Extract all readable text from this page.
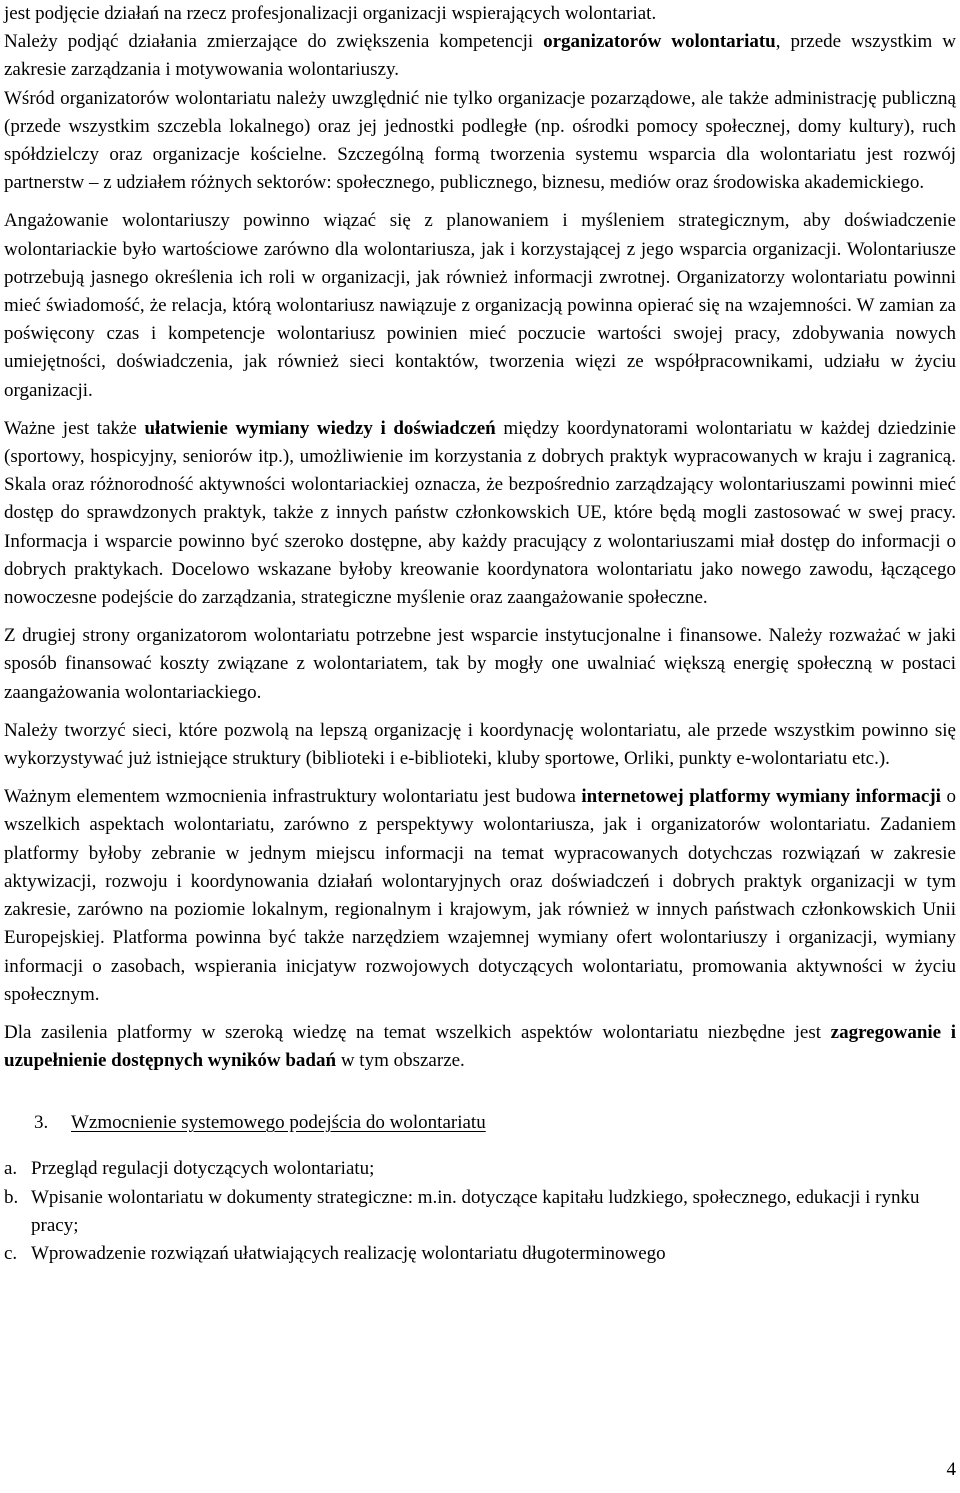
jest podjęcie działań na rzecz profesjonalizacji organizacji wspierających wolontariat.

Należy podjąć działania zmierzające do zwiększenia kompetencji organizatorów wolontariatu, przede wszystkim w zakresie zarządzania i motywowania wolontariuszy.

Wśród organizatorów wolontariatu należy uwzględnić nie tylko organizacje pozarządowe, ale także administrację publiczną (przede wszystkim szczebla lokalnego) oraz jej jednostki podległe (np. ośrodki pomocy społecznej, domy kultury), ruch spółdzielczy oraz organizacje kościelne. Szczególną formą tworzenia systemu wsparcia dla wolontariatu jest rozwój partnerstw – z udziałem różnych sektorów: społecznego, publicznego, biznesu, mediów oraz środowiska akademickiego.

Angażowanie wolontariuszy powinno wiązać się z planowaniem i myśleniem strategicznym, aby doświadczenie wolontariackie było wartościowe zarówno dla wolontariusza, jak i korzystającej z jego wsparcia organizacji. Wolontariusze potrzebują jasnego określenia ich roli w organizacji, jak również informacji zwrotnej. Organizatorzy wolontariatu powinni mieć świadomość, że relacja, którą wolontariusz nawiązuje z organizacją powinna opierać się na wzajemności. W zamian za poświęcony czas i kompetencje wolontariusz powinien mieć poczucie wartości swojej pracy, zdobywania nowych umiejętności, doświadczenia, jak również sieci kontaktów, tworzenia więzi ze współpracownikami, udziału w życiu organizacji.

Ważne jest także ułatwienie wymiany wiedzy i doświadczeń między koordynatorami wolontariatu w każdej dziedzinie (sportowy, hospicyjny, seniorów itp.), umożliwienie im korzystania z dobrych praktyk wypracowanych w kraju i zagranicą. Skala oraz różnorodność aktywności wolontariackiej oznacza, że bezpośrednio zarządzający wolontariuszami powinni mieć dostęp do sprawdzonych praktyk, także z innych państw członkowskich UE, które będą mogli zastosować w swej pracy. Informacja i wsparcie powinno być szeroko dostępne, aby każdy pracujący z wolontariuszami miał dostęp do informacji o dobrych praktykach. Docelowo wskazane byłoby kreowanie koordynatora wolontariatu jako nowego zawodu, łączącego nowoczesne podejście do zarządzania, strategiczne myślenie oraz zaangażowanie społeczne.

Z drugiej strony organizatorom wolontariatu potrzebne jest wsparcie instytucjonalne i finansowe. Należy rozważać w jaki sposób finansować koszty związane z wolontariatem, tak by mogły one uwalniać większą energię społeczną w postaci zaangażowania wolontariackiego.

Należy tworzyć sieci, które pozwolą na lepszą organizację i koordynację wolontariatu, ale przede wszystkim powinno się wykorzystywać już istniejące struktury (biblioteki i e-biblioteki, kluby sportowe, Orliki, punkty e-wolontariatu etc.).

Ważnym elementem wzmocnienia infrastruktury wolontariatu jest budowa internetowej platformy wymiany informacji o wszelkich aspektach wolontariatu, zarówno z perspektywy wolontariusza, jak i organizatorów wolontariatu. Zadaniem platformy byłoby zebranie w jednym miejscu informacji na temat wypracowanych dotychczas rozwiązań w zakresie aktywizacji, rozwoju i koordynowania działań wolontaryjnych oraz doświadczeń i dobrych praktyk organizacji w tym zakresie, zarówno na poziomie lokalnym, regionalnym i krajowym, jak również w innych państwach członkowskich Unii Europejskiej. Platforma powinna być także narzędziem wzajemnej wymiany ofert wolontariuszy i organizacji, wymiany informacji o zasobach, wspierania inicjatyw rozwojowych dotyczących wolontariatu, promowania aktywności w życiu społecznym.

Dla zasilenia platformy w szeroką wiedzę na temat wszelkich aspektów wolontariatu niezbędne jest zagregowanie i uzupełnienie dostępnych wyników badań w tym obszarze.

3. Wzmocnienie systemowego podejścia do wolontariatu
a. Przegląd regulacji dotyczących wolontariatu;
b. Wpisanie wolontariatu w dokumenty strategiczne: m.in. dotyczące kapitału ludzkiego, społecznego, edukacji i rynku pracy;
c. Wprowadzenie rozwiązań ułatwiających realizację wolontariatu długoterminowego
4
